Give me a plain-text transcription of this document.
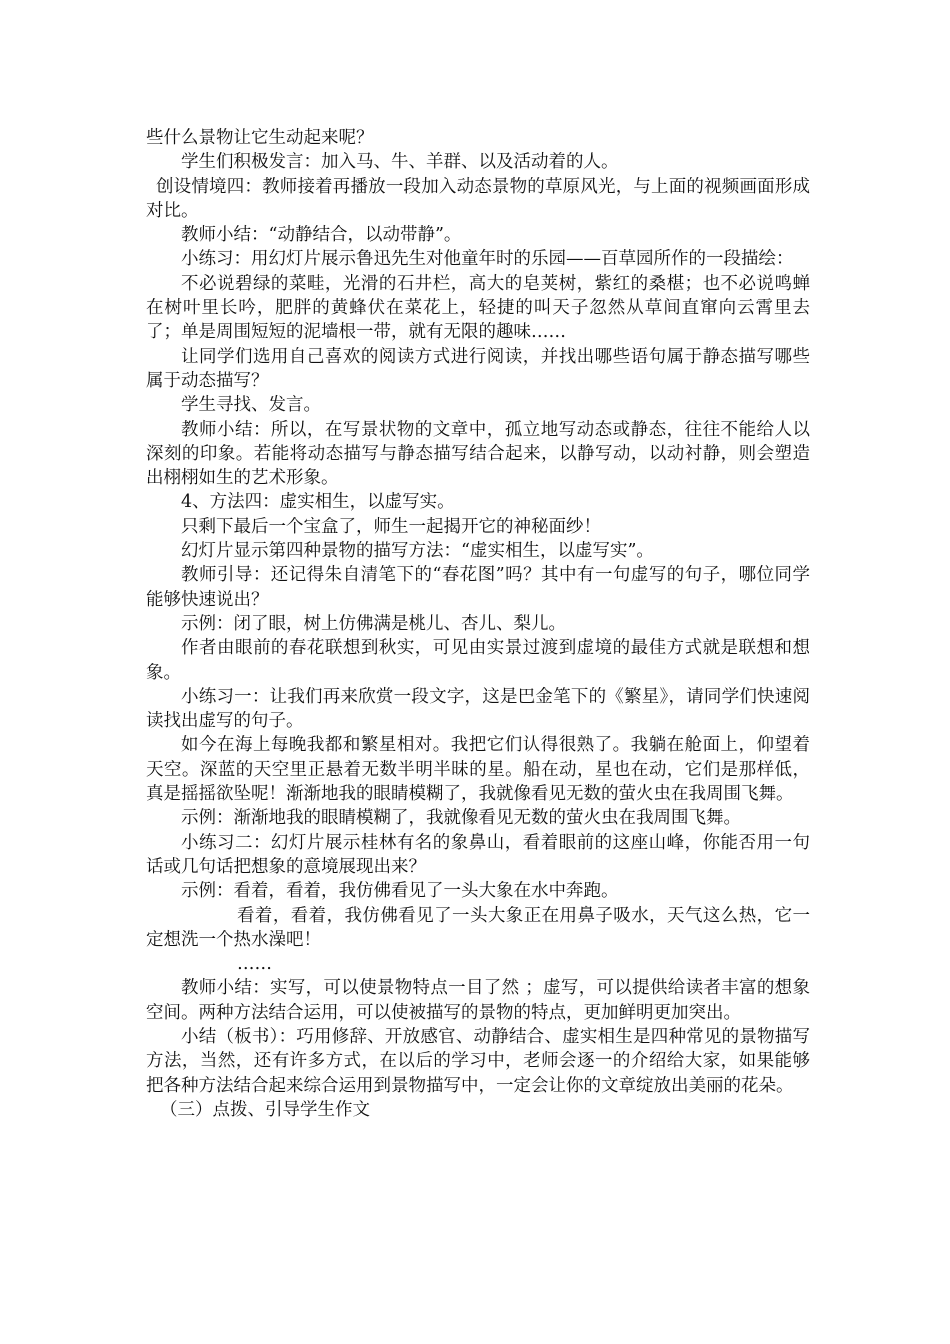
些什么景物让它生动起来呢？

学生们积极发言：加入马、牛、羊群、以及活动着的人。

创设情境四：教师接着再播放一段加入动态景物的草原风光，与上面的视频画面形成对比。

教师小结：“动静结合，以动带静”。

小练习：用幻灯片展示鲁迅先生对他童年时的乐园——百草园所作的一段描绘：

不必说碧绿的菜畦，光滑的石井栏，高大的皂荚树，紫红的桑椹；也不必说鸣蝉在树叶里长吟，肥胖的黄蜂伏在菜花上，轻捷的叫天子忽然从草间直窜向云霄里去了；单是周围短短的泥墙根一带，就有无限的趣味……

让同学们选用自己喜欢的阅读方式进行阅读，并找出哪些语句属于静态描写哪些属于动态描写？

学生寻找、发言。

教师小结：所以，在写景状物的文章中，孤立地写动态或静态，往往不能给人以深刻的印象。若能将动态描写与静态描写结合起来，以静写动，以动衬静，则会塑造出栩栩如生的艺术形象。

4、方法四：虚实相生，以虚写实。

只剩下最后一个宝盒了，师生一起揭开它的神秘面纱！

幻灯片显示第四种景物的描写方法：“虚实相生，以虚写实”。

教师引导：还记得朱自清笔下的“春花图”吗？其中有一句虚写的句子，哪位同学能够快速说出？

示例：闭了眼，树上仿佛满是桃儿、杏儿、梨儿。

作者由眼前的春花联想到秋实，可见由实景过渡到虚境的最佳方式就是联想和想象。

小练习一：让我们再来欣赏一段文字，这是巴金笔下的《繁星》，请同学们快速阅读找出虚写的句子。

如今在海上每晚我都和繁星相对。我把它们认得很熟了。我躺在舱面上，仰望着天空。深蓝的天空里正悬着无数半明半昧的星。船在动，星也在动，它们是那样低，真是摇摇欲坠呢！渐渐地我的眼睛模糊了，我就像看见无数的萤火虫在我周围飞舞。

示例：渐渐地我的眼睛模糊了，我就像看见无数的萤火虫在我周围飞舞。

小练习二：幻灯片展示桂林有名的象鼻山，看着眼前的这座山峰，你能否用一句话或几句话把想象的意境展现出来？

示例：看着，看着，我仿佛看见了一头大象在水中奔跑。

看着，看着，我仿佛看见了一头大象正在用鼻子吸水，天气这么热，它一定想洗一个热水澡吧！

……

教师小结：实写，可以使景物特点一目了然 ；虚写，可以提供给读者丰富的想象空间。两种方法结合运用，可以使被描写的景物的特点，更加鲜明更加突出。

小结（板书）：巧用修辞、开放感官、动静结合、虚实相生是四种常见的景物描写方法，当然，还有许多方式，在以后的学习中，老师会逐一的介绍给大家，如果能够把各种方法结合起来综合运用到景物描写中，一定会让你的文章绽放出美丽的花朵。

（三）点拨、引导学生作文
